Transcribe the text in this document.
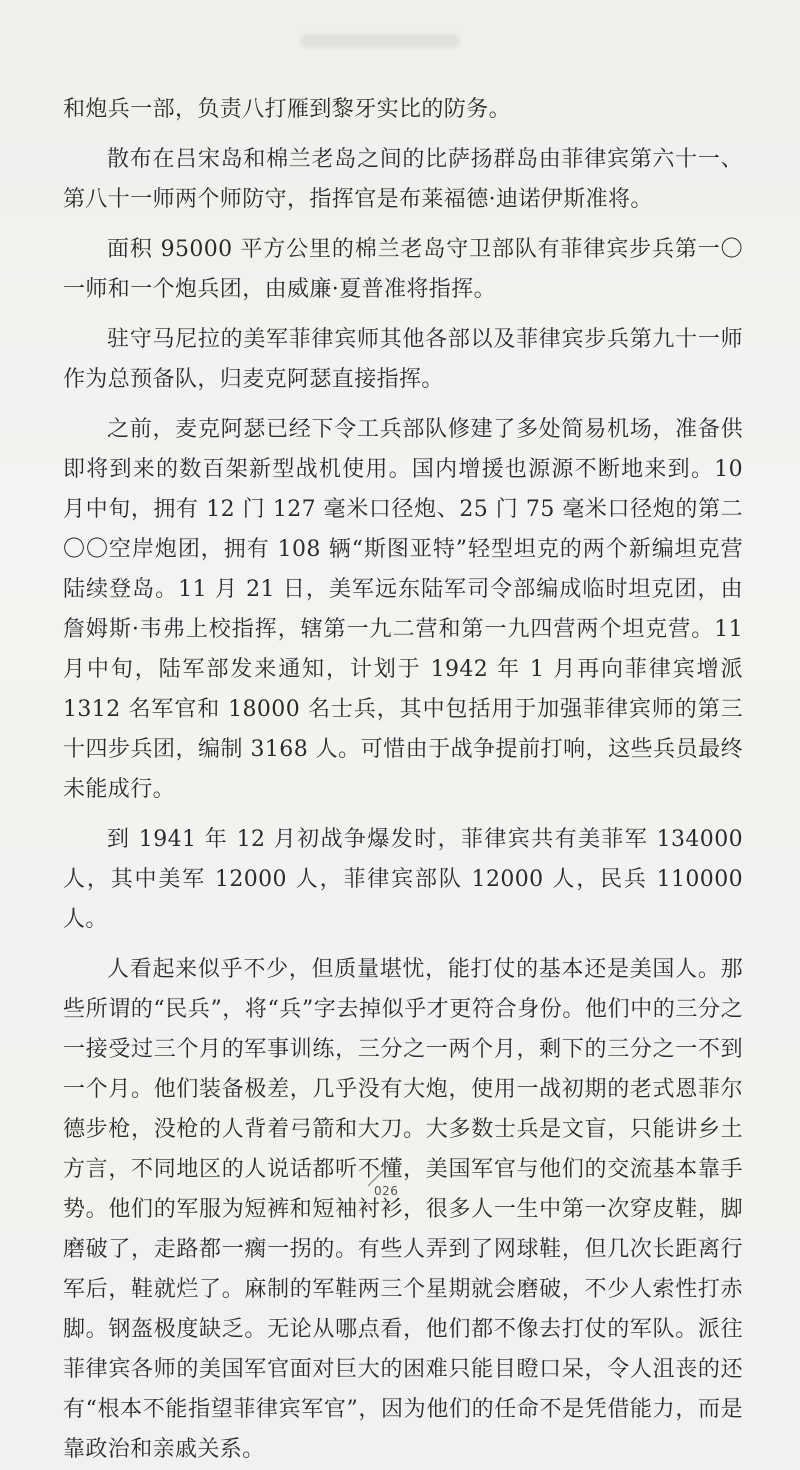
和炮兵一部，负责八打雁到黎牙实比的防务。

散布在吕宋岛和棉兰老岛之间的比萨扬群岛由菲律宾第六十一、第八十一师两个师防守，指挥官是布莱福德·迪诺伊斯准将。

面积 95000 平方公里的棉兰老岛守卫部队有菲律宾步兵第一〇一师和一个炮兵团，由威廉·夏普准将指挥。

驻守马尼拉的美军菲律宾师其他各部以及菲律宾步兵第九十一师作为总预备队，归麦克阿瑟直接指挥。

之前，麦克阿瑟已经下令工兵部队修建了多处简易机场，准备供即将到来的数百架新型战机使用。国内增援也源源不断地来到。10 月中旬，拥有 12 门 127 毫米口径炮、25 门 75 毫米口径炮的第二〇〇空岸炮团，拥有 108 辆“斯图亚特”轻型坦克的两个新编坦克营陆续登岛。11 月 21 日，美军远东陆军司令部编成临时坦克团，由詹姆斯·韦弗上校指挥，辖第一九二营和第一九四营两个坦克营。11 月中旬，陆军部发来通知，计划于 1942 年 1 月再向菲律宾增派 1312 名军官和 18000 名士兵，其中包括用于加强菲律宾师的第三十四步兵团，编制 3168 人。可惜由于战争提前打响，这些兵员最终未能成行。

到 1941 年 12 月初战争爆发时，菲律宾共有美菲军 134000 人，其中美军 12000 人，菲律宾部队 12000 人，民兵 110000 人。

人看起来似乎不少，但质量堪忧，能打仗的基本还是美国人。那些所谓的“民兵”，将“兵”字去掉似乎才更符合身份。他们中的三分之一接受过三个月的军事训练，三分之一两个月，剩下的三分之一不到一个月。他们装备极差，几乎没有大炮，使用一战初期的老式恩菲尔德步枪，没枪的人背着弓箭和大刀。大多数士兵是文盲，只能讲乡土方言，不同地区的人说话都听不懂，美国军官与他们的交流基本靠手势。他们的军服为短裤和短袖衬衫，很多人一生中第一次穿皮鞋，脚磨破了，走路都一瘸一拐的。有些人弄到了网球鞋，但几次长距离行军后，鞋就烂了。麻制的军鞋两三个星期就会磨破，不少人索性打赤脚。钢盔极度缺乏。无论从哪点看，他们都不像去打仗的军队。派往菲律宾各师的美国军官面对巨大的困难只能目瞪口呆，令人沮丧的还有“根本不能指望菲律宾军官”，因为他们的任命不是凭借能力，而是靠政治和亲戚关系。

026
